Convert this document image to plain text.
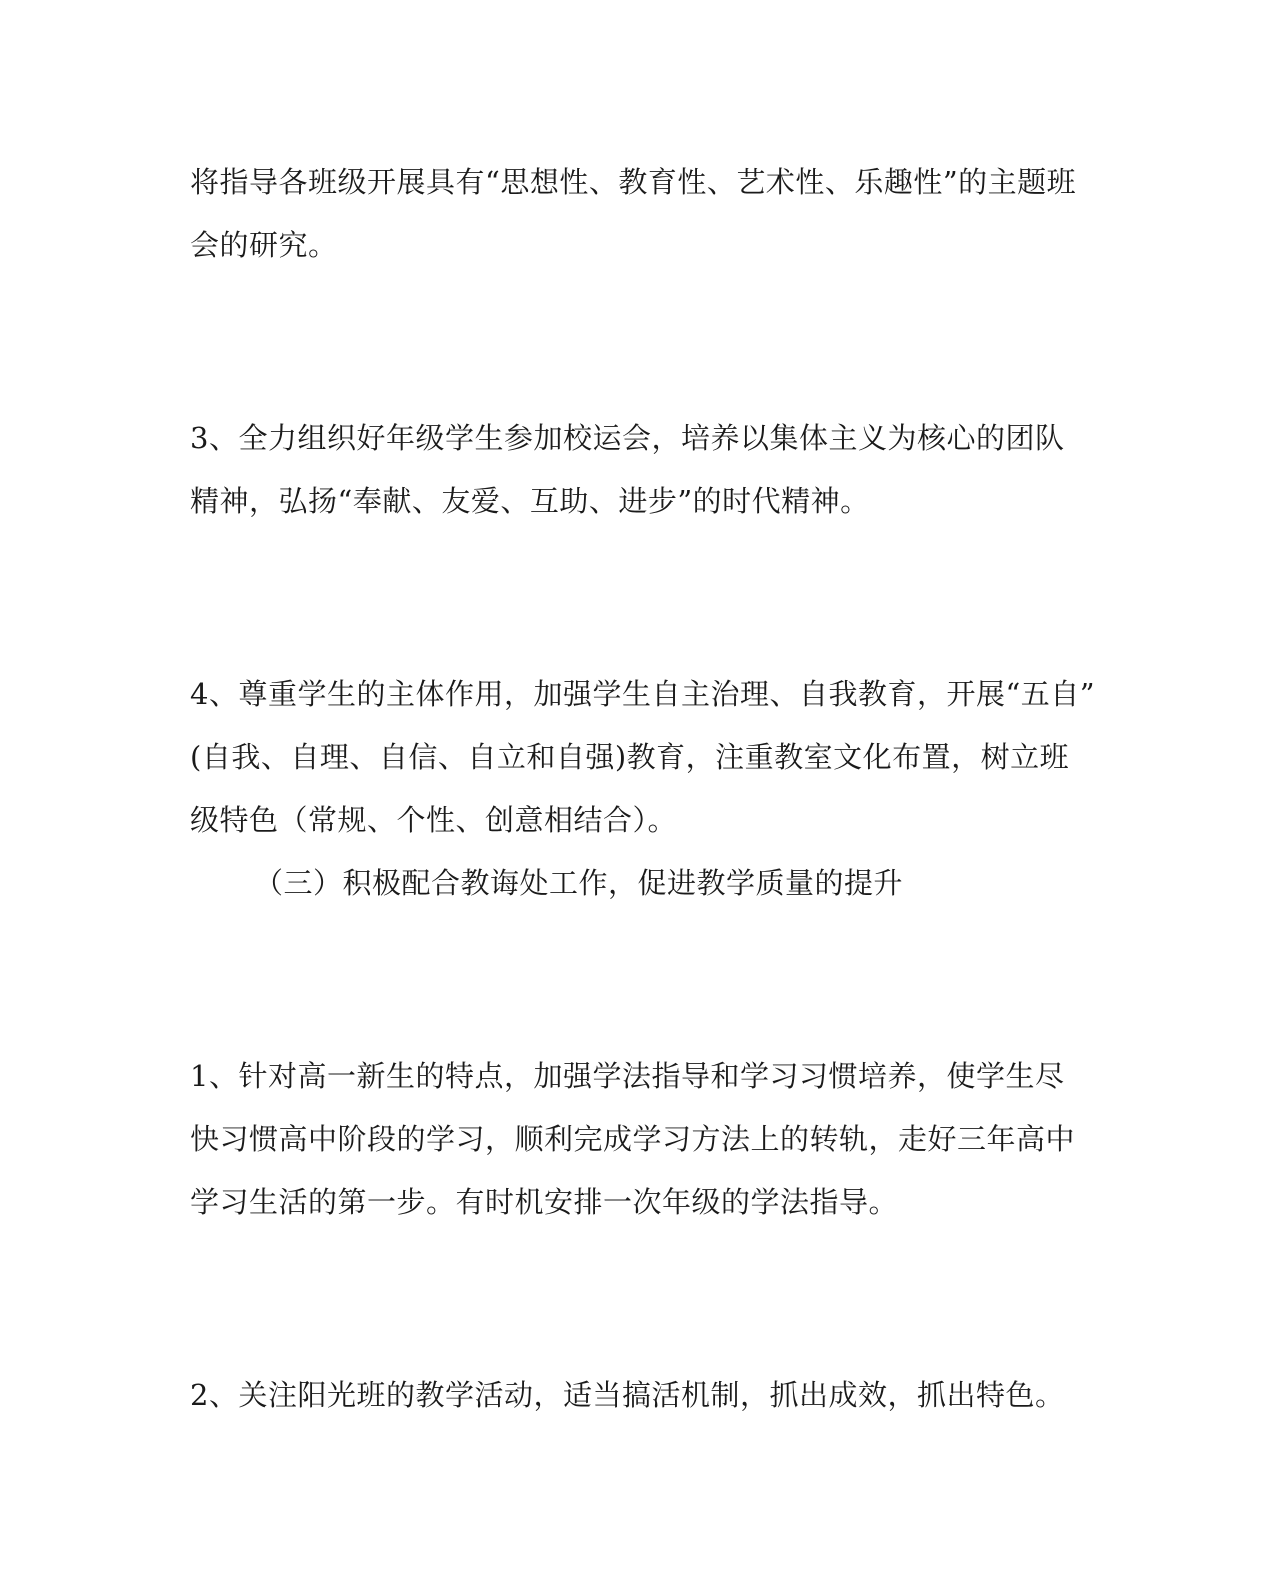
将指导各班级开展具有“思想性、教育性、艺术性、乐趣性”的主题班
会的研究。
3、全力组织好年级学生参加校运会，培养以集体主义为核心的团队
精神，弘扬“奉献、友爱、互助、进步”的时代精神。
4、尊重学生的主体作用，加强学生自主治理、自我教育，开展“五自”
(自我、自理、自信、自立和自强)教育，注重教室文化布置，树立班
级特色（常规、个性、创意相结合）。
（三）积极配合教诲处工作，促进教学质量的提升
1、针对高一新生的特点，加强学法指导和学习习惯培养，使学生尽
快习惯高中阶段的学习，顺利完成学习方法上的转轨，走好三年高中
学习生活的第一步。有时机安排一次年级的学法指导。
2、关注阳光班的教学活动，适当搞活机制，抓出成效，抓出特色。
